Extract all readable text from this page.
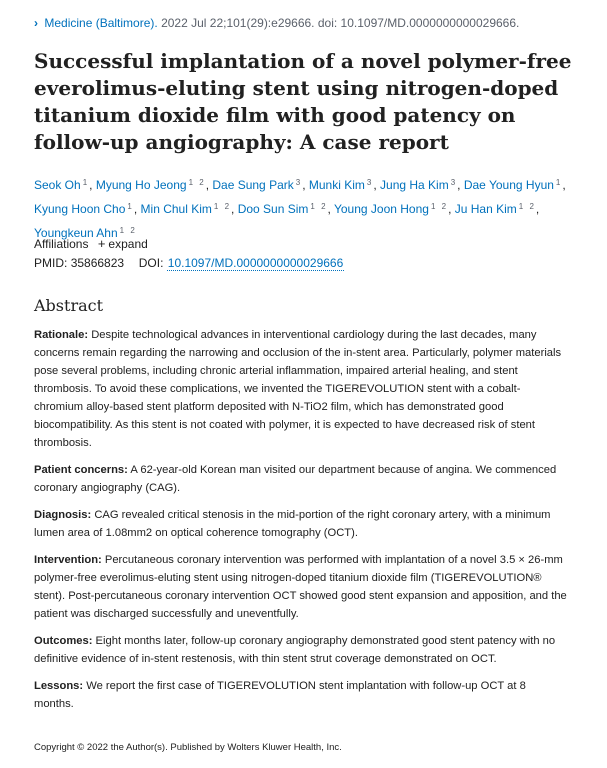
› Medicine (Baltimore). 2022 Jul 22;101(29):e29666. doi: 10.1097/MD.0000000000029666.
Successful implantation of a novel polymer-free everolimus-eluting stent using nitrogen-doped titanium dioxide film with good patency on follow-up angiography: A case report
Seok Oh $^1$, Myung Ho Jeong $^{1 2}$, Dae Sung Park $^3$, Munki Kim $^3$, Jung Ha Kim $^3$, Dae Young Hyun $^1$, Kyung Hoon Cho $^1$, Min Chul Kim $^{1 2}$, Doo Sun Sim $^{1 2}$, Young Joon Hong $^{1 2}$, Ju Han Kim $^{1 2}$, Youngkeun Ahn $^{1 2}$
Affiliations + expand
PMID: 35866823 DOI: 10.1097/MD.0000000000029666
Abstract

Rationale: Despite technological advances in interventional cardiology during the last decades, many concerns remain regarding the narrowing and occlusion of the in-stent area. Particularly, polymer materials pose several problems, including chronic arterial inflammation, impaired arterial healing, and stent thrombosis. To avoid these complications, we invented the TIGEREVOLUTION stent with a cobalt-chromium alloy-based stent platform deposited with N-TiO2 film, which has demonstrated good biocompatibility. As this stent is not coated with polymer, it is expected to have decreased risk of stent thrombosis.

Patient concerns: A 62-year-old Korean man visited our department because of angina. We commenced coronary angiography (CAG).

Diagnosis: CAG revealed critical stenosis in the mid-portion of the right coronary artery, with a minimum lumen area of 1.08mm2 on optical coherence tomography (OCT).

Intervention: Percutaneous coronary intervention was performed with implantation of a novel 3.5 × 26-mm polymer-free everolimus-eluting stent using nitrogen-doped titanium dioxide film (TIGEREVOLUTION® stent). Post-percutaneous coronary intervention OCT showed good stent expansion and apposition, and the patient was discharged successfully and uneventfully.

Outcomes: Eight months later, follow-up coronary angiography demonstrated good stent patency with no definitive evidence of in-stent restenosis, with thin stent strut coverage demonstrated on OCT.

Lessons: We report the first case of TIGEREVOLUTION stent implantation with follow-up OCT at 8 months.

Copyright © 2022 the Author(s). Published by Wolters Kluwer Health, Inc.
